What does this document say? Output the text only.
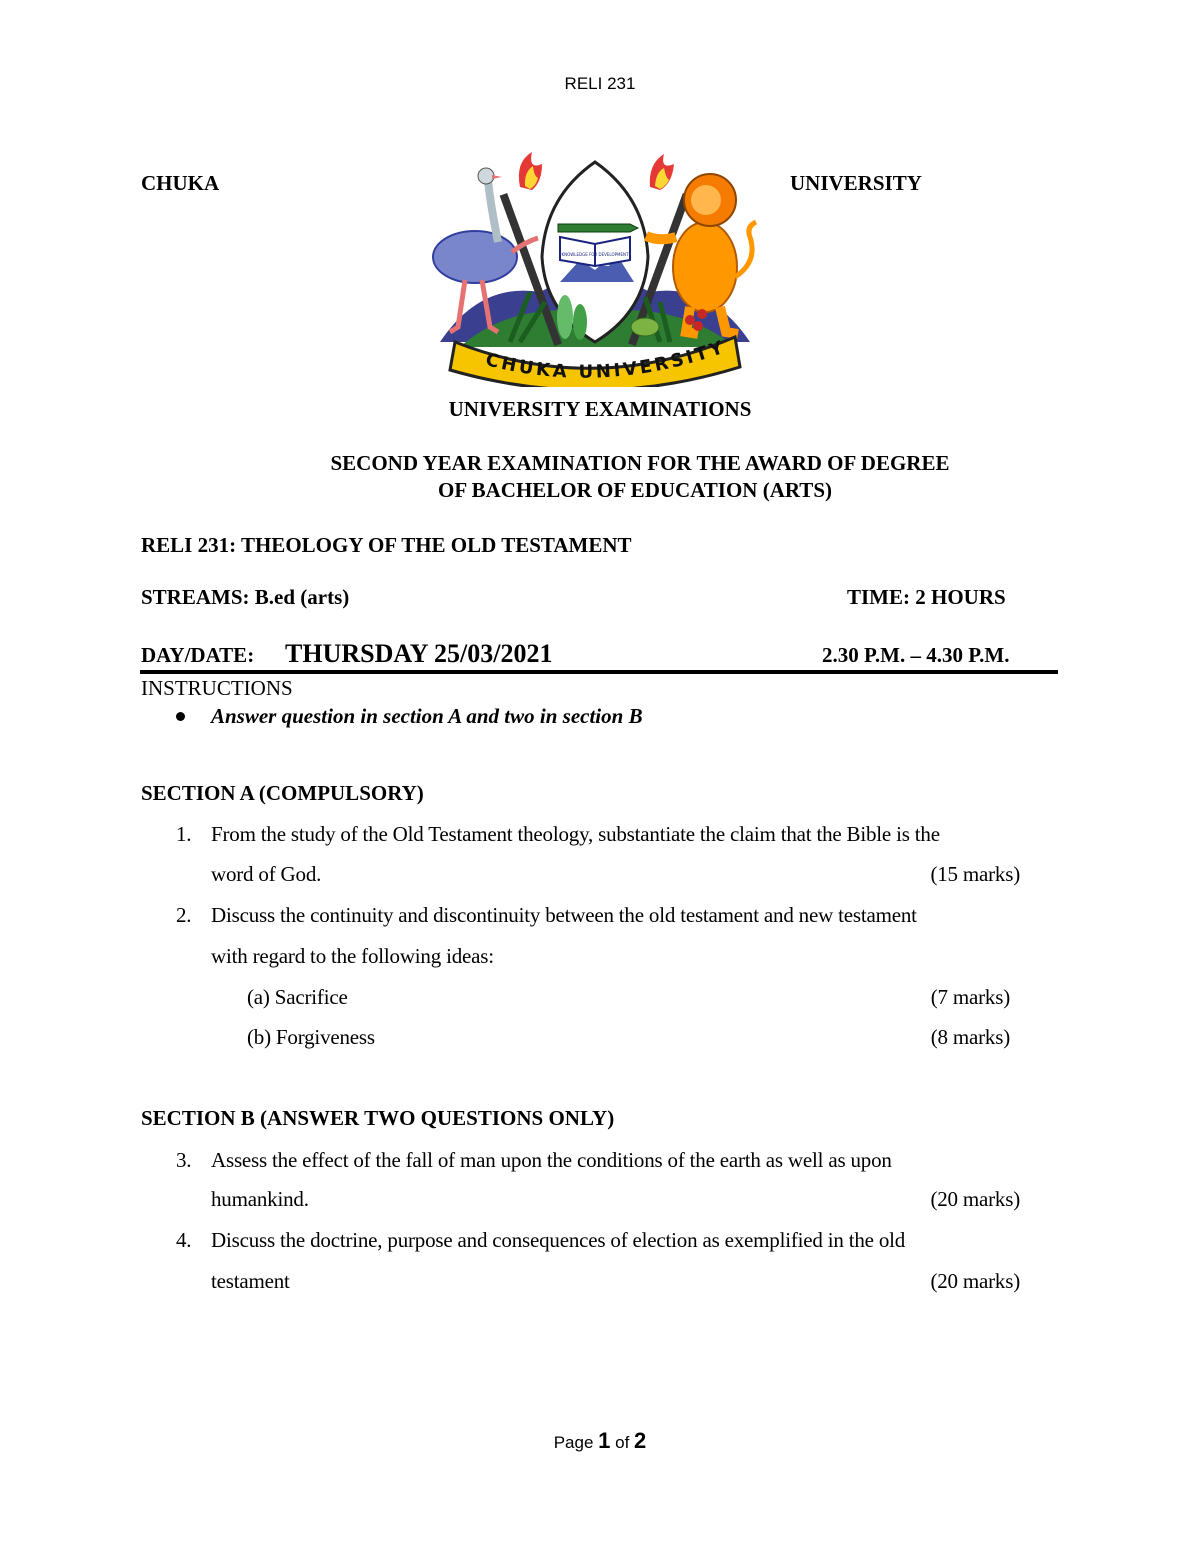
RELI 231
CHUKA	UNIVERSITY
KNOWLEDGE FOR DEVELOPMENT
CHUKA UNIVERSITY
UNIVERSITY EXAMINATIONS
SECOND YEAR EXAMINATION FOR THE AWARD OF DEGREE
OF BACHELOR OF EDUCATION (ARTS)
RELI 231: THEOLOGY OF THE OLD TESTAMENT
STREAMS: B.ed (arts)	TIME: 2 HOURS
DAY/DATE: THURSDAY 25/03/2021	2.30 P.M. – 4.30 P.M.
INSTRUCTIONS
Answer question in section A and two in section B
SECTION A (COMPULSORY)
1. From the study of the Old Testament theology, substantiate the claim that the Bible is the
word of God.	(15 marks)
2. Discuss the continuity and discontinuity between the old testament and new testament
with regard to the following ideas:
(a) Sacrifice	(7 marks)
(b) Forgiveness	(8 marks)
SECTION B (ANSWER TWO QUESTIONS ONLY)
3. Assess the effect of the fall of man upon the conditions of the earth as well as upon
humankind.	(20 marks)
4. Discuss the doctrine, purpose and consequences of election as exemplified in the old
testament	(20 marks)
Page 1 of 2
